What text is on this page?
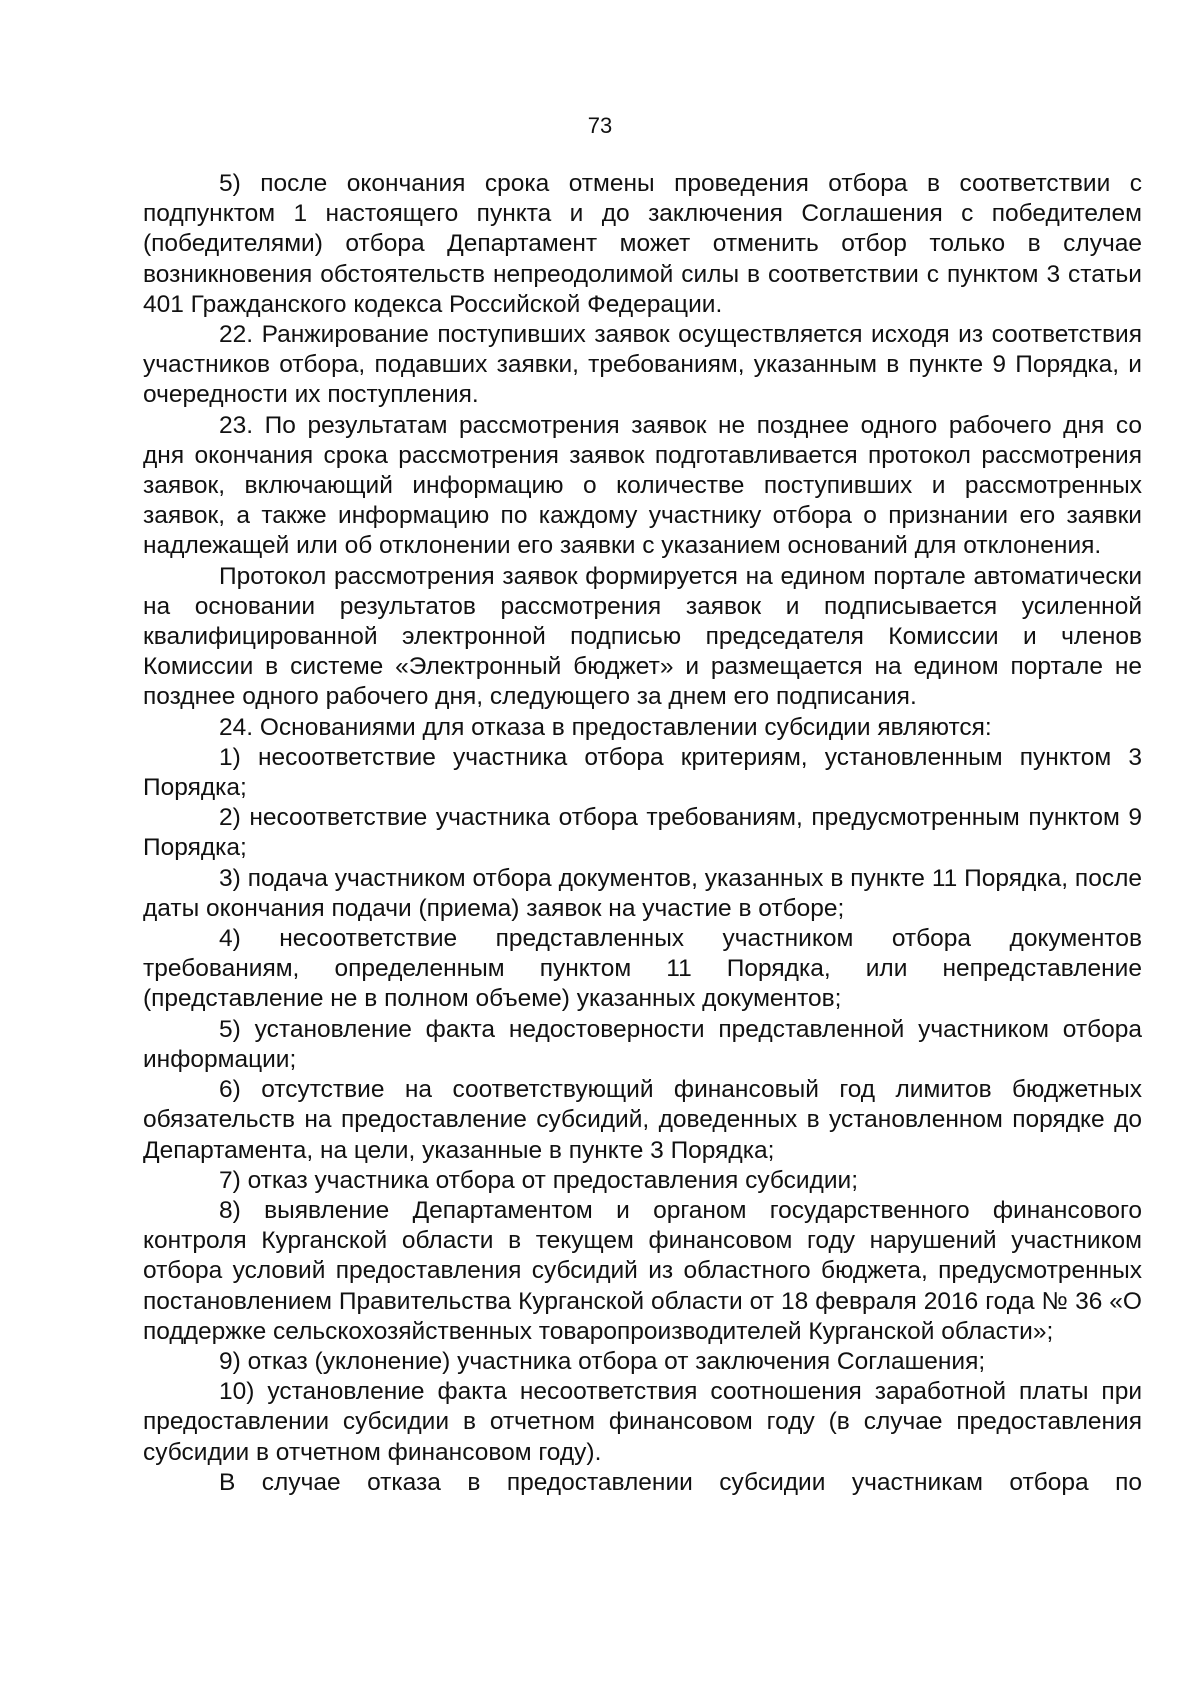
73

5) после окончания срока отмены проведения отбора в соответствии с подпунктом 1 настоящего пункта и до заключения Соглашения с победителем (победителями) отбора Департамент может отменить отбор только в случае возникновения обстоятельств непреодолимой силы в соответствии с пунктом 3 статьи 401 Гражданского кодекса Российской Федерации.

22. Ранжирование поступивших заявок осуществляется исходя из соответствия участников отбора, подавших заявки, требованиям, указанным в пункте 9 Порядка, и очередности их поступления.

23. По результатам рассмотрения заявок не позднее одного рабочего дня со дня окончания срока рассмотрения заявок подготавливается протокол рассмотрения заявок, включающий информацию о количестве поступивших и рассмотренных заявок, а также информацию по каждому участнику отбора о признании его заявки надлежащей или об отклонении его заявки с указанием оснований для отклонения.

Протокол рассмотрения заявок формируется на едином портале автоматически на основании результатов рассмотрения заявок и подписывается усиленной квалифицированной электронной подписью председателя Комиссии и членов Комиссии в системе «Электронный бюджет» и размещается на едином портале не позднее одного рабочего дня, следующего за днем его подписания.

24. Основаниями для отказа в предоставлении субсидии являются:

1) несоответствие участника отбора критериям, установленным пунктом 3 Порядка;

2) несоответствие участника отбора требованиям, предусмотренным пунктом 9 Порядка;

3) подача участником отбора документов, указанных в пункте 11 Порядка, после даты окончания подачи (приема) заявок на участие в отборе;

4) несоответствие представленных участником отбора документов требованиям, определенным пунктом 11 Порядка, или непредставление (представление не в полном объеме) указанных документов;

5) установление факта недостоверности представленной участником отбора информации;

6) отсутствие на соответствующий финансовый год лимитов бюджетных обязательств на предоставление субсидий, доведенных в установленном порядке до Департамента, на цели, указанные в пункте 3 Порядка;

7) отказ участника отбора от предоставления субсидии;

8) выявление Департаментом и органом государственного финансового контроля Курганской области в текущем финансовом году нарушений участником отбора условий предоставления субсидий из областного бюджета, предусмотренных постановлением Правительства Курганской области от 18 февраля 2016 года № 36 «О поддержке сельскохозяйственных товаропроизводителей Курганской области»;

9) отказ (уклонение) участника отбора от заключения Соглашения;

10) установление факта несоответствия соотношения заработной платы при предоставлении субсидии в отчетном финансовом году (в случае предоставления субсидии в отчетном финансовом году).

В случае отказа в предоставлении субсидии участникам отбора по
